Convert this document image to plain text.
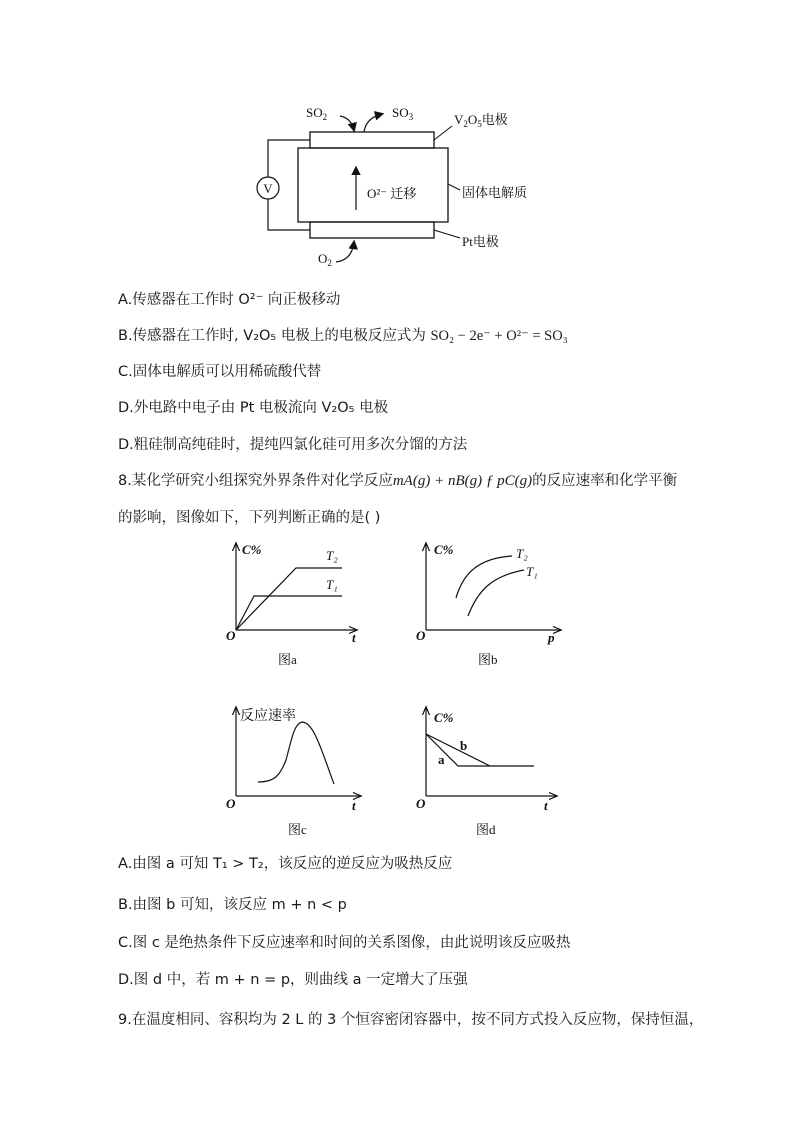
V
$SO_2$	$SO_3$
$O_2$
O²⁻ 迁移
$V_2O_5$电极
固体电解质
Pt电极
A.传感器在工作时 O²⁻ 向正极移动
B.传感器在工作时, V₂O₅ 电极上的电极反应式为 SO₂ − 2e⁻ + O²⁻ = SO₃
C.固体电解质可以用稀硫酸代替
D.外电路中电子由 Pt 电极流向 V₂O₅ 电极
D.粗硅制高纯硅时，提纯四氯化硅可用多次分馏的方法
8.某化学研究小组探究外界条件对化学反应mA(g) + nB(g) ƒ pC(g)的反应速率和化学平衡
的影响，图像如下，下列判断正确的是( )
C%
O	t
T₂
T₁
图a
C%
O	p
T₂
T₁
图b
反应速率
O	t
图c
C%
O	t
b
a
图d
A.由图 a 可知 T₁ > T₂，该反应的逆反应为吸热反应
B.由图 b 可知，该反应 m + n < p
C.图 c 是绝热条件下反应速率和时间的关系图像，由此说明该反应吸热
D.图 d 中，若 m + n = p，则曲线 a 一定增大了压强
9.在温度相同、容积均为 2 L 的 3 个恒容密闭容器中，按不同方式投入反应物，保持恒温，
